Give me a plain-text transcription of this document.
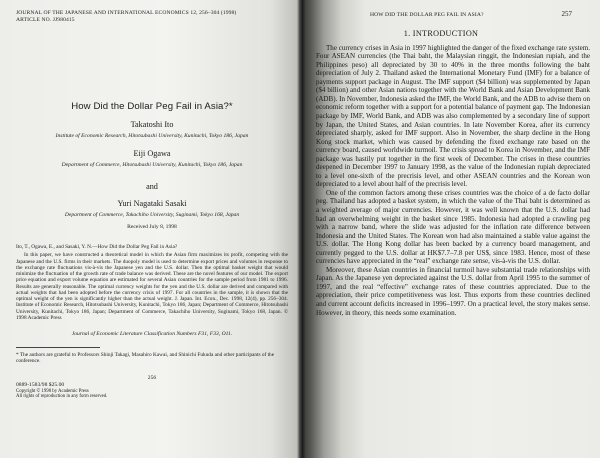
JOURNAL OF THE JAPANESE AND INTERNATIONAL ECONOMICS 12, 256–304 (1998)
ARTICLE NO. JJ980415
How Did the Dollar Peg Fail in Asia?*
Takatoshi Ito
Institute of Economic Research, Hitotsubashi University, Kunitachi, Tokyo 186, Japan
Eiji Ogawa
Department of Commerce, Hitotsubashi University, Kunitachi, Tokyo 186, Japan
and
Yuri Nagataki Sasaki
Department of Commerce, Takachiho University, Suginami, Tokyo 168, Japan
Received July 8, 1998

Ito, T., Ogawa, E., and Sasaki, Y. N.—How Did the Dollar Peg Fail in Asia?

In this paper, we have constructed a theoretical model in which the Asian firm maximizes its profit, competing with the Japanese and the U.S. firms in their markets. The duopoly model is used to determine export prices and volumes in response to the exchange rate fluctuations vis-à-vis the Japanese yen and the U.S. dollar. Then the optimal basket weight that would minimize the fluctuation of the growth rate of trade balance was derived. These are the novel features of our model. The export price equation and export volume equation are estimated for several Asian countries for the sample period from 1981 to 1996. Results are generally reasonable. The optimal currency weights for the yen and the U.S. dollar are derived and compared with actual weights that had been adopted before the currency crisis of 1997. For all countries in the sample, it is shown that the optimal weight of the yen is significantly higher than the actual weight. J. Japan. Int. Econ., Dec. 1998, 12(4), pp. 256–304. Institute of Economic Research, Hitotsubashi University, Kunitachi, Tokyo 186, Japan; Department of Commerce, Hitotsubashi University, Kunitachi, Tokyo 186, Japan; Department of Commerce, Takachiho University, Suginami, Tokyo 168, Japan. © 1998 Academic Press

Journal of Economic Literature Classification Numbers F31, F33, O11.
* The authors are grateful to Professors Shinji Takagi, Masahiro Kawai, and Shinichi Fukuda and other participants of the conference.
256
0889-1583/98 $25.00
Copyright © 1998 by Academic Press
All rights of reproduction in any form reserved.
HOW DID THE DOLLAR PEG FAIL IN ASIA?	257
1. INTRODUCTION

The currency crises in Asia in 1997 highlighted the danger of the fixed exchange rate system. Four ASEAN currencies (the Thai baht, the Malaysian ringgit, the Indonesian rupiah, and the Philippines peso) all depreciated by 30 to 40% in the three months following the baht depreciation of July 2. Thailand asked the International Monetary Fund (IMF) for a balance of payments support package in August. The IMF support ($4 billion) was supplemented by Japan ($4 billion) and other Asian nations together with the World Bank and Asian Development Bank (ADB). In November, Indonesia asked the IMF, the World Bank, and the ADB to advise them on economic reform together with a support for a potential balance of payment gap. The Indonesian package by IMF, World Bank, and ADB was also complemented by a secondary line of support by Japan, the United States, and Asian countries. In late November Korea, after its currency depreciated sharply, asked for IMF support. Also in November, the sharp decline in the Hong Kong stock market, which was caused by defending the fixed exchange rate based on the currency board, caused worldwide turmoil. The crisis spread to Korea in November, and the IMF package was hastily put together in the first week of December. The crises in these countries deepened in December 1997 to January 1998, as the value of the Indonesian rupiah depreciated to a level one-sixth of the precrisis level, and other ASEAN countries and the Korean won depreciated to a level about half of the precrisis level.

One of the common factors among these crises countries was the choice of a de facto dollar peg. Thailand has adopted a basket system, in which the value of the Thai baht is determined as a weighted average of major currencies. However, it was well known that the U.S. dollar had had an overwhelming weight in the basket since 1985. Indonesia had adopted a crawling peg with a narrow band, where the slide was adjusted for the inflation rate difference between Indonesia and the United States. The Korean won had also maintained a stable value against the U.S. dollar. The Hong Kong dollar has been backed by a currency board management, and currently pegged to the U.S. dollar at HK$7.7–7.8 per US$, since 1983. Hence, most of these currencies have appreciated in the “real” exchange rate sense, vis-à-vis the U.S. dollar.

Moreover, these Asian countries in financial turmoil have substantial trade relationships with Japan. As the Japanese yen depreciated against the U.S. dollar from April 1995 to the summer of 1997, and the real “effective” exchange rates of these countries appreciated. Due to the appreciation, their price competitiveness was lost. Thus exports from these countries declined and current account deficits increased in 1996–1997. On a practical level, the story makes sense. However, in theory, this needs some examination.
